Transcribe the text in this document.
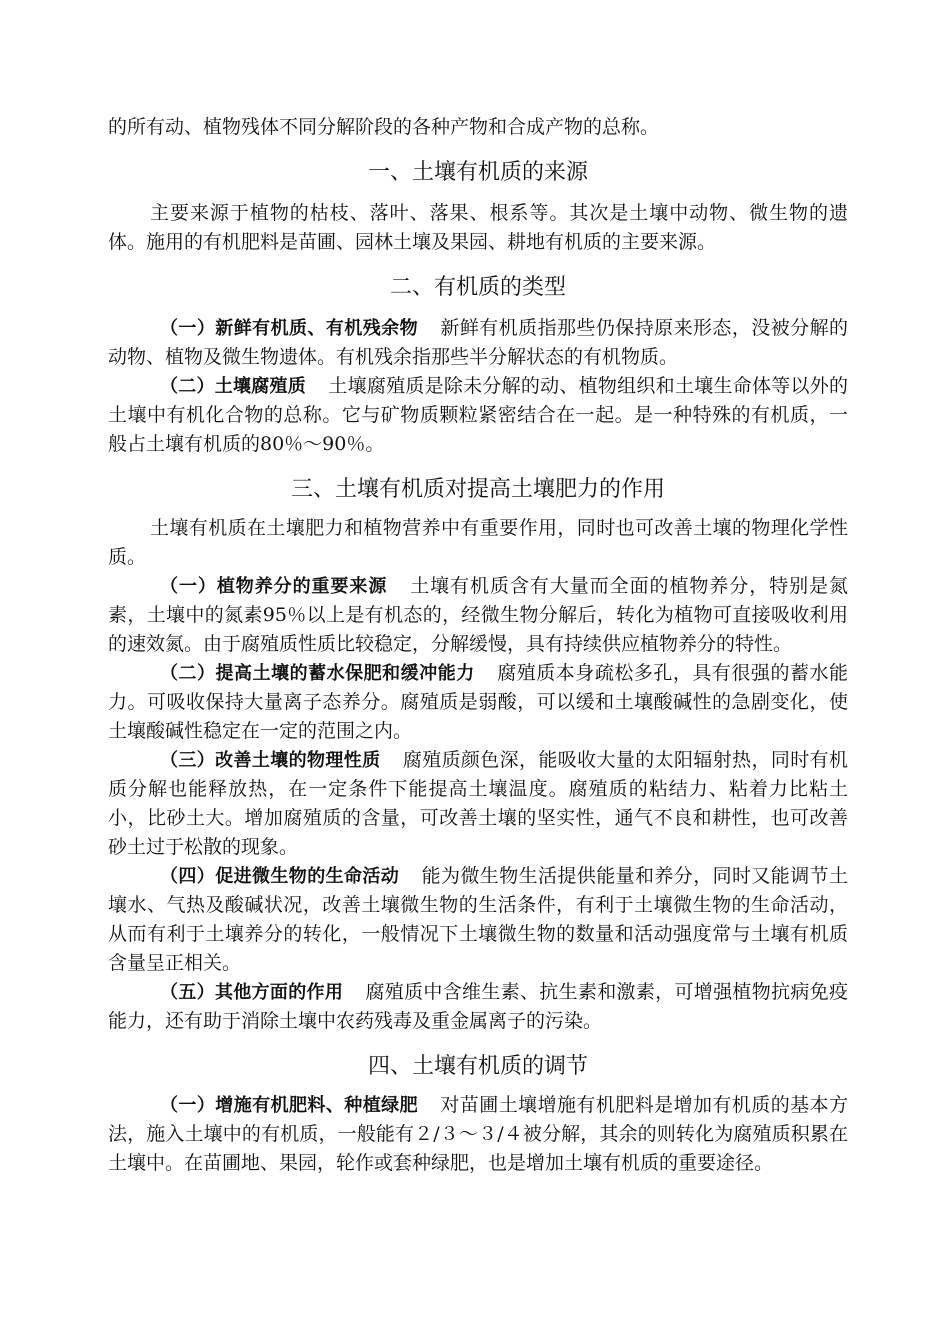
的所有动、植物残体不同分解阶段的各种产物和合成产物的总称。

一、土壤有机质的来源

主要来源于植物的枯枝、落叶、落果、根系等。其次是土壤中动物、微生物的遗体。施用的有机肥料是苗圃、园林土壤及果园、耕地有机质的主要来源。

二、有机质的类型

（一）新鲜有机质、有机残余物 新鲜有机质指那些仍保持原来形态，没被分解的动物、植物及微生物遗体。有机残余指那些半分解状态的有机物质。

（二）土壤腐殖质 土壤腐殖质是除未分解的动、植物组织和土壤生命体等以外的土壤中有机化合物的总称。它与矿物质颗粒紧密结合在一起。是一种特殊的有机质，一般占土壤有机质的80％～90％。

三、土壤有机质对提高土壤肥力的作用

土壤有机质在土壤肥力和植物营养中有重要作用，同时也可改善土壤的物理化学性质。

（一）植物养分的重要来源 土壤有机质含有大量而全面的植物养分，特别是氮素，土壤中的氮素95％以上是有机态的，经微生物分解后，转化为植物可直接吸收利用的速效氮。由于腐殖质性质比较稳定，分解缓慢，具有持续供应植物养分的特性。

（二）提高土壤的蓄水保肥和缓冲能力 腐殖质本身疏松多孔，具有很强的蓄水能力。可吸收保持大量离子态养分。腐殖质是弱酸，可以缓和土壤酸碱性的急剧变化，使土壤酸碱性稳定在一定的范围之内。

（三）改善土壤的物理性质 腐殖质颜色深，能吸收大量的太阳辐射热，同时有机质分解也能释放热，在一定条件下能提高土壤温度。腐殖质的粘结力、粘着力比粘土小，比砂土大。增加腐殖质的含量，可改善土壤的坚实性，通气不良和耕性，也可改善砂土过于松散的现象。

（四）促进微生物的生命活动 能为微生物生活提供能量和养分，同时又能调节土壤水、气热及酸碱状况，改善土壤微生物的生活条件，有利于土壤微生物的生命活动，从而有利于土壤养分的转化，一般情况下土壤微生物的数量和活动强度常与土壤有机质含量呈正相关。

（五）其他方面的作用 腐殖质中含维生素、抗生素和激素，可增强植物抗病免疫能力，还有助于消除土壤中农药残毒及重金属离子的污染。

四、土壤有机质的调节

（一）增施有机肥料、种植绿肥 对苗圃土壤增施有机肥料是增加有机质的基本方法，施入土壤中的有机质，一般能有２/３～３/４被分解，其余的则转化为腐殖质积累在土壤中。在苗圃地、果园，轮作或套种绿肥，也是增加土壤有机质的重要途径。
